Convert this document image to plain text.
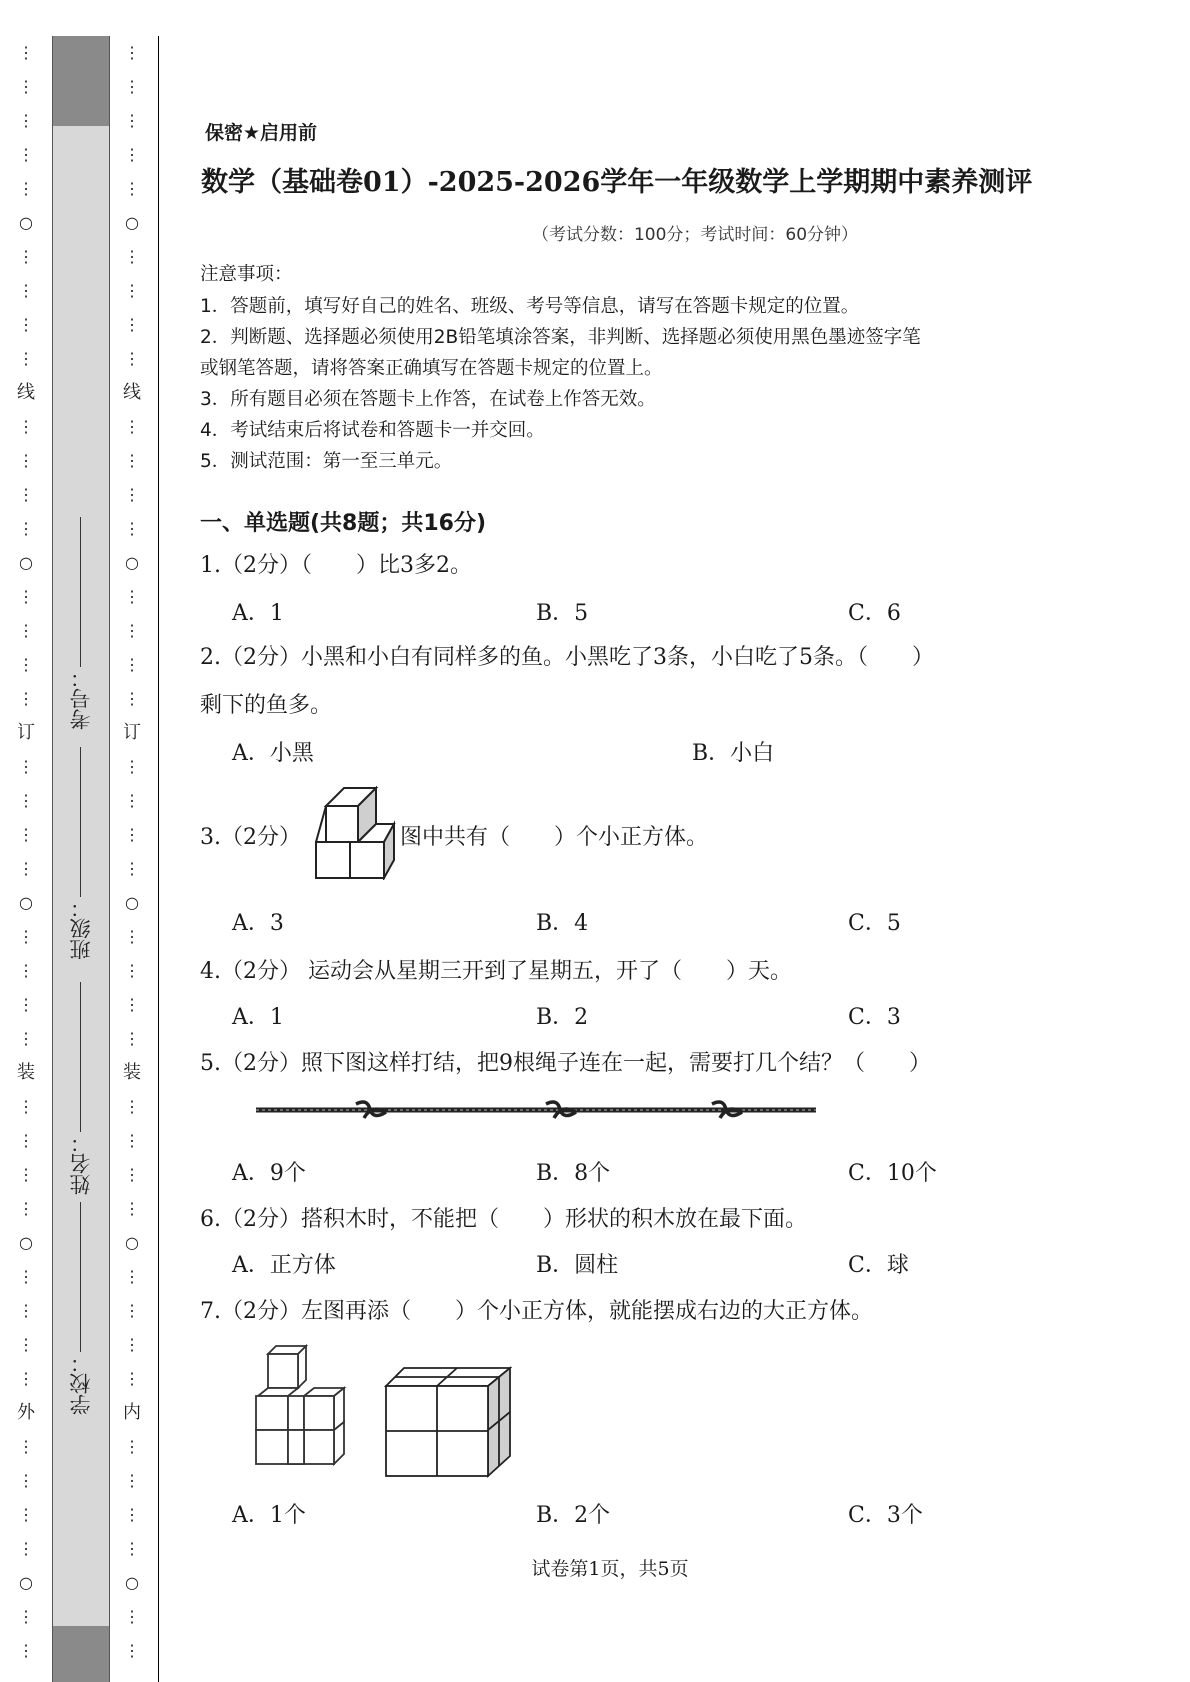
⋮
⋮
⋮
⋮
⋮
○
⋮
⋮
⋮
⋮
线
⋮
⋮
⋮
⋮
○
⋮
⋮
⋮
⋮
订
⋮
⋮
⋮
⋮
○
⋮
⋮
⋮
⋮
装
⋮
⋮
⋮
⋮
○
⋮
⋮
⋮
⋮
外
⋮
⋮
⋮
⋮
○
⋮
⋮
⋮
⋮
⋮
⋮
⋮
○
⋮
⋮
⋮
⋮
线
⋮
⋮
⋮
⋮
○
⋮
⋮
⋮
⋮
订
⋮
⋮
⋮
⋮
○
⋮
⋮
⋮
⋮
装
⋮
⋮
⋮
⋮
○
⋮
⋮
⋮
⋮
内
⋮
⋮
⋮
⋮
○
⋮
⋮
考号：
班级：
姓名：
学校：
保密★启用前
数学（基础卷01）-2025-2026学年一年级数学上学期期中素养测评
（考试分数：100分；考试时间：60分钟）
注意事项：
1．答题前，填写好自己的姓名、班级、考号等信息，请写在答题卡规定的位置。
2．判断题、选择题必须使用2B铅笔填涂答案，非判断、选择题必须使用黑色墨迹签字笔
或钢笔答题，请将答案正确填写在答题卡规定的位置上。
3．所有题目必须在答题卡上作答，在试卷上作答无效。
4．考试结束后将试卷和答题卡一并交回。
5．测试范围：第一至三单元。
一、单选题(共8题；共16分)
1.（2分）（　　）比3多2。
A．1	B．5	C．6
2.（2分）小黑和小白有同样多的鱼。小黑吃了3条，小白吃了5条。（　　）
剩下的鱼多。
A．小黑	B．小白
3.（2分）	图中共有（　　）个小正方体。
A．3	B．4	C．5
4.（2分） 运动会从星期三开到了星期五，开了（　　）天。
A．1	B．2	C．3
5.（2分）照下图这样打结，把9根绳子连在一起，需要打几个结？（　　）
A．9个	B．8个	C．10个
6.（2分）搭积木时，不能把（　　）形状的积木放在最下面。
A．正方体	B．圆柱	C．球
7.（2分）左图再添（　　）个小正方体，就能摆成右边的大正方体。
A．1个	B．2个	C．3个
试卷第1页，共5页
